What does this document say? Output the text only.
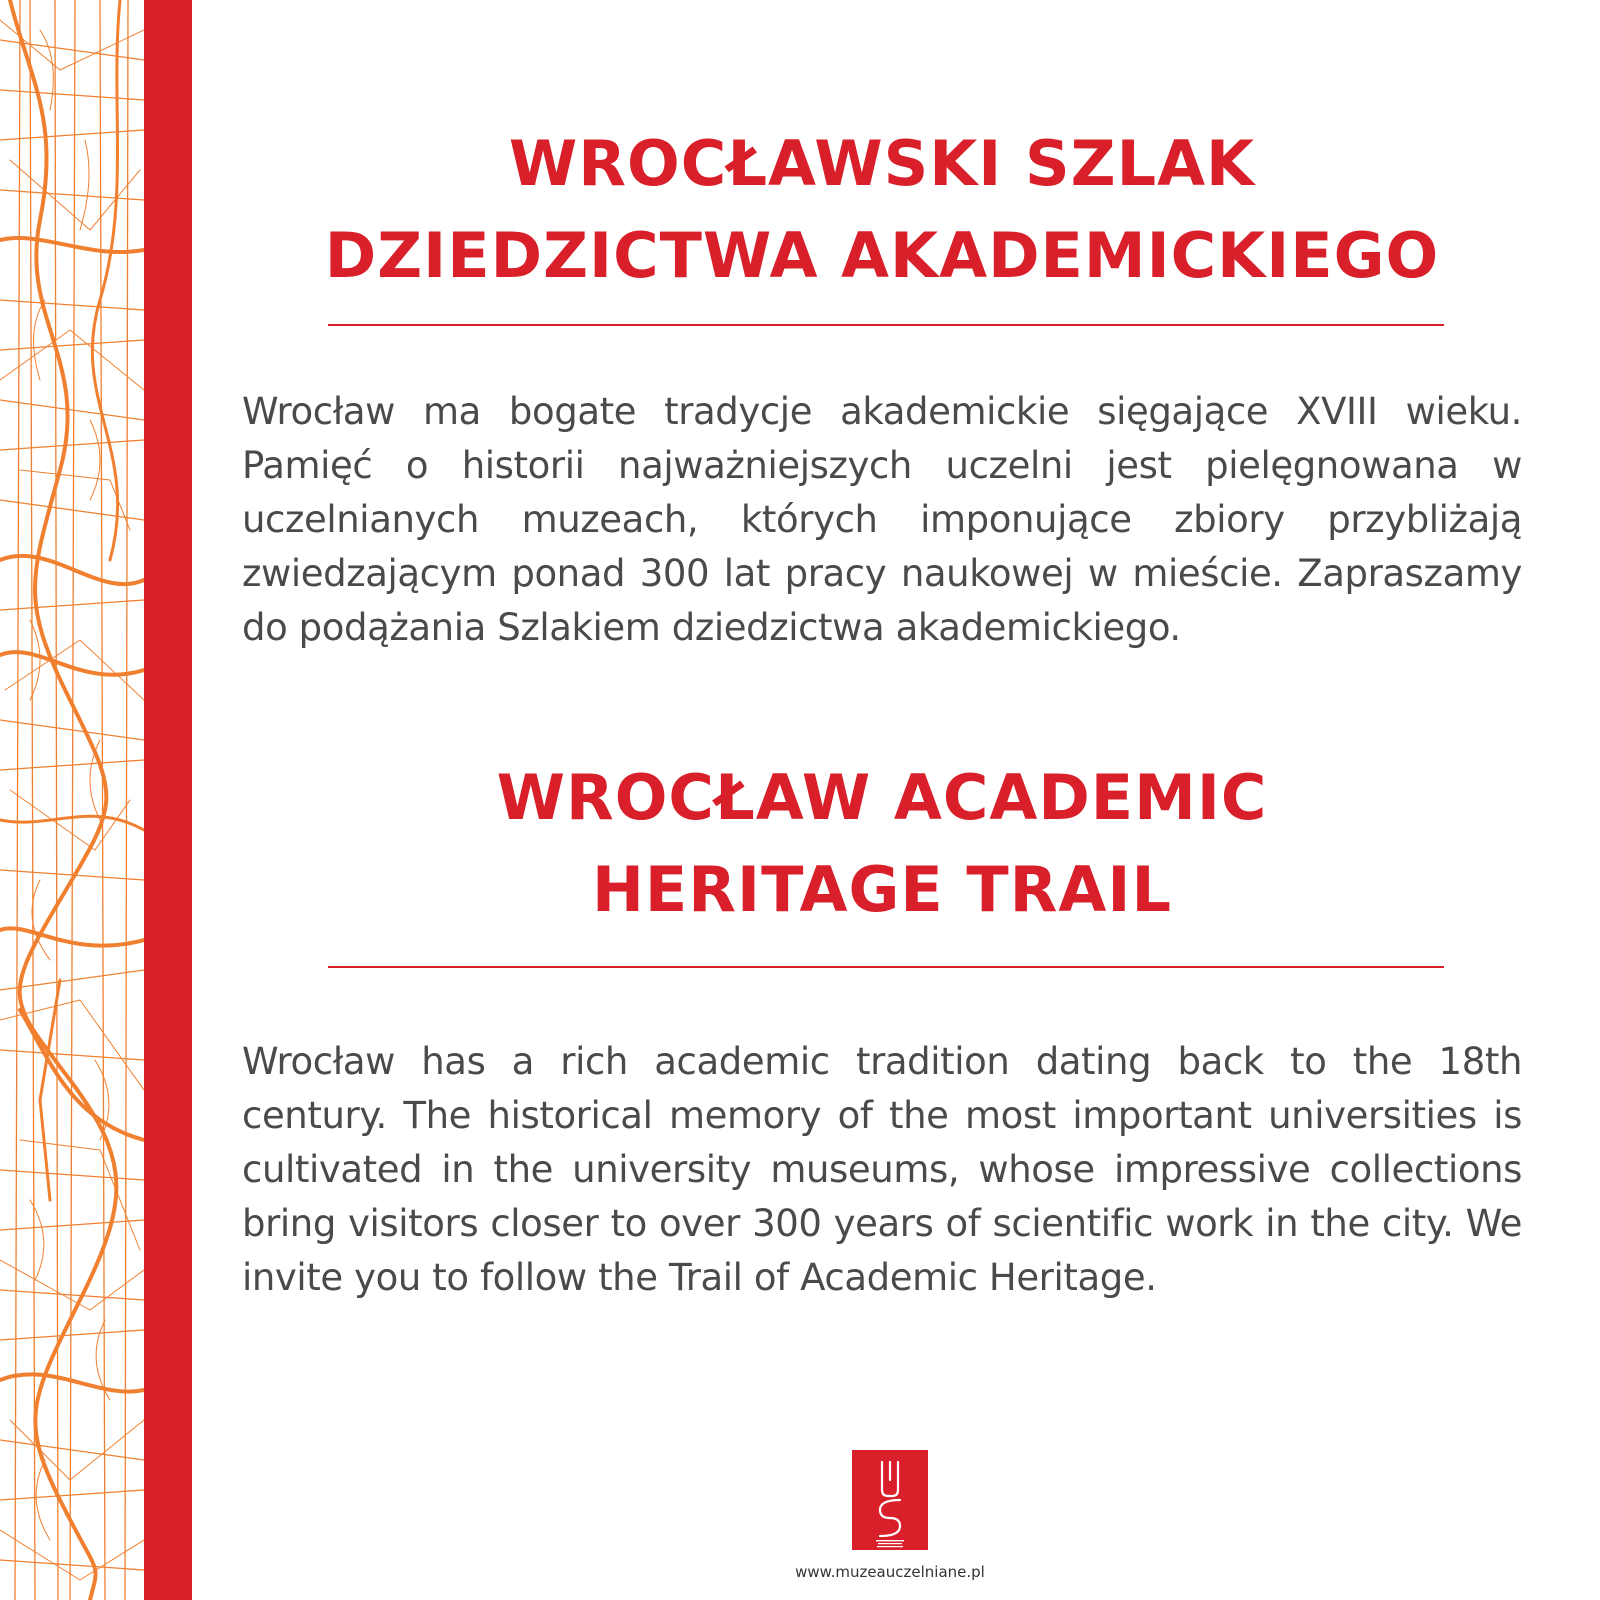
WROCŁAWSKI SZLAK
DZIEDZICTWA AKADEMICKIEGO

Wrocław ma bogate tradycje akademickie sięgające XVIII wieku. Pamięć o historii najważniejszych uczelni jest pielęgnowana w uczelnianych muzeach, których imponujące zbiory przybliżają zwiedzającym ponad 300 lat pracy naukowej w mieście. Zapraszamy do podążania Szlakiem dziedzictwa akademickiego.

WROCŁAW ACADEMIC
HERITAGE TRAIL

Wrocław has a rich academic tradition dating back to the 18th century. The historical memory of the most important universities is cultivated in the university museums, whose impressive collections bring visitors closer to over 300 years of scientific work in the city. We invite you to follow the Trail of Academic Heritage.

www.muzeauczelniane.pl
